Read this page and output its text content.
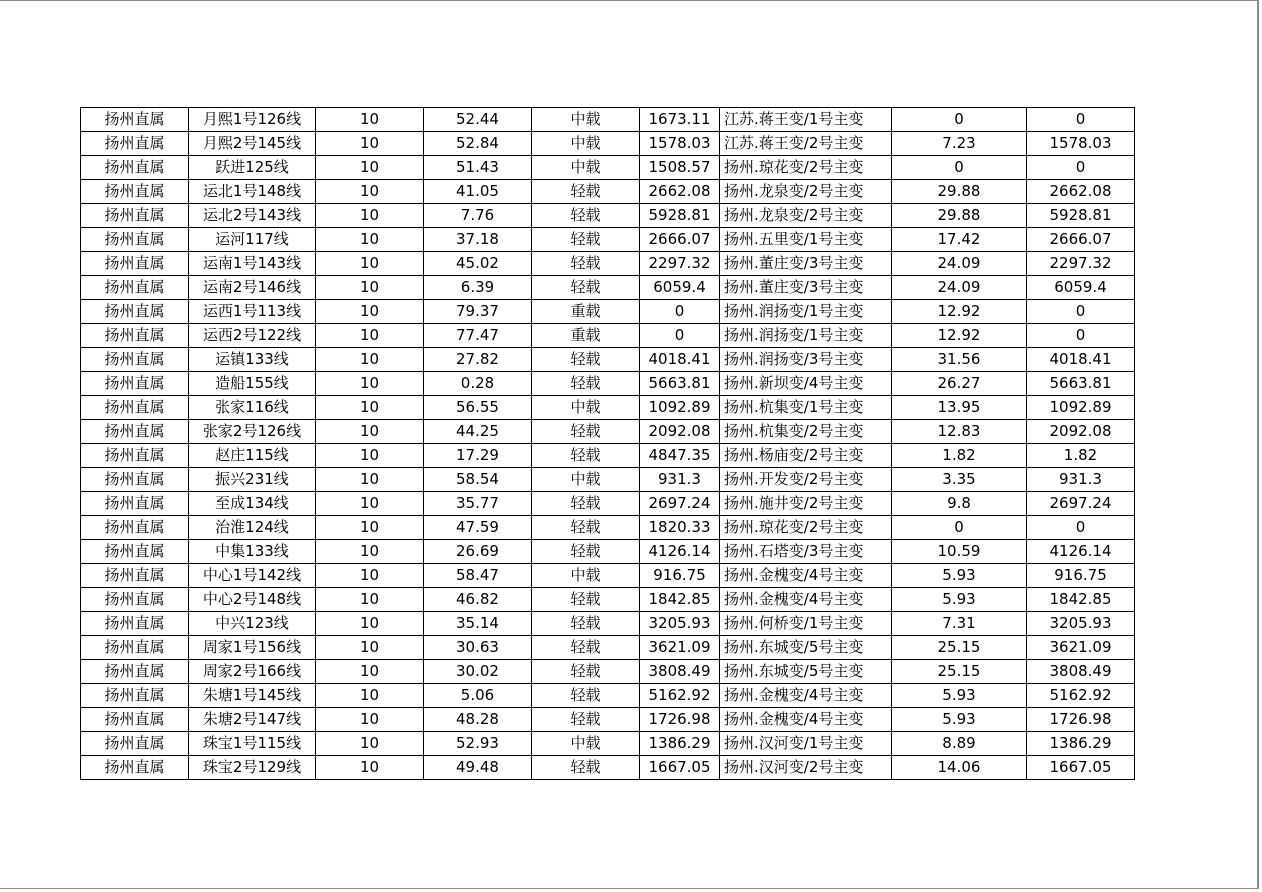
扬州直属	月熙1号126线	10	52.44	中载	1673.11	江苏.蒋王变/1号主变	0	0
扬州直属	月熙2号145线	10	52.84	中载	1578.03	江苏.蒋王变/2号主变	7.23	1578.03
扬州直属	跃进125线	10	51.43	中载	1508.57	扬州.琼花变/2号主变	0	0
扬州直属	运北1号148线	10	41.05	轻载	2662.08	扬州.龙泉变/2号主变	29.88	2662.08
扬州直属	运北2号143线	10	7.76	轻载	5928.81	扬州.龙泉变/2号主变	29.88	5928.81
扬州直属	运河117线	10	37.18	轻载	2666.07	扬州.五里变/1号主变	17.42	2666.07
扬州直属	运南1号143线	10	45.02	轻载	2297.32	扬州.董庄变/3号主变	24.09	2297.32
扬州直属	运南2号146线	10	6.39	轻载	6059.4	扬州.董庄变/3号主变	24.09	6059.4
扬州直属	运西1号113线	10	79.37	重载	0	扬州.润扬变/1号主变	12.92	0
扬州直属	运西2号122线	10	77.47	重载	0	扬州.润扬变/1号主变	12.92	0
扬州直属	运镇133线	10	27.82	轻载	4018.41	扬州.润扬变/3号主变	31.56	4018.41
扬州直属	造船155线	10	0.28	轻载	5663.81	扬州.新坝变/4号主变	26.27	5663.81
扬州直属	张家116线	10	56.55	中载	1092.89	扬州.杭集变/1号主变	13.95	1092.89
扬州直属	张家2号126线	10	44.25	轻载	2092.08	扬州.杭集变/2号主变	12.83	2092.08
扬州直属	赵庄115线	10	17.29	轻载	4847.35	扬州.杨庙变/2号主变	1.82	1.82
扬州直属	振兴231线	10	58.54	中载	931.3	扬州.开发变/2号主变	3.35	931.3
扬州直属	至成134线	10	35.77	轻载	2697.24	扬州.施井变/2号主变	9.8	2697.24
扬州直属	治淮124线	10	47.59	轻载	1820.33	扬州.琼花变/2号主变	0	0
扬州直属	中集133线	10	26.69	轻载	4126.14	扬州.石塔变/3号主变	10.59	4126.14
扬州直属	中心1号142线	10	58.47	中载	916.75	扬州.金槐变/4号主变	5.93	916.75
扬州直属	中心2号148线	10	46.82	轻载	1842.85	扬州.金槐变/4号主变	5.93	1842.85
扬州直属	中兴123线	10	35.14	轻载	3205.93	扬州.何桥变/1号主变	7.31	3205.93
扬州直属	周家1号156线	10	30.63	轻载	3621.09	扬州.东城变/5号主变	25.15	3621.09
扬州直属	周家2号166线	10	30.02	轻载	3808.49	扬州.东城变/5号主变	25.15	3808.49
扬州直属	朱塘1号145线	10	5.06	轻载	5162.92	扬州.金槐变/4号主变	5.93	5162.92
扬州直属	朱塘2号147线	10	48.28	轻载	1726.98	扬州.金槐变/4号主变	5.93	1726.98
扬州直属	珠宝1号115线	10	52.93	中载	1386.29	扬州.汉河变/1号主变	8.89	1386.29
扬州直属	珠宝2号129线	10	49.48	轻载	1667.05	扬州.汉河变/2号主变	14.06	1667.05
